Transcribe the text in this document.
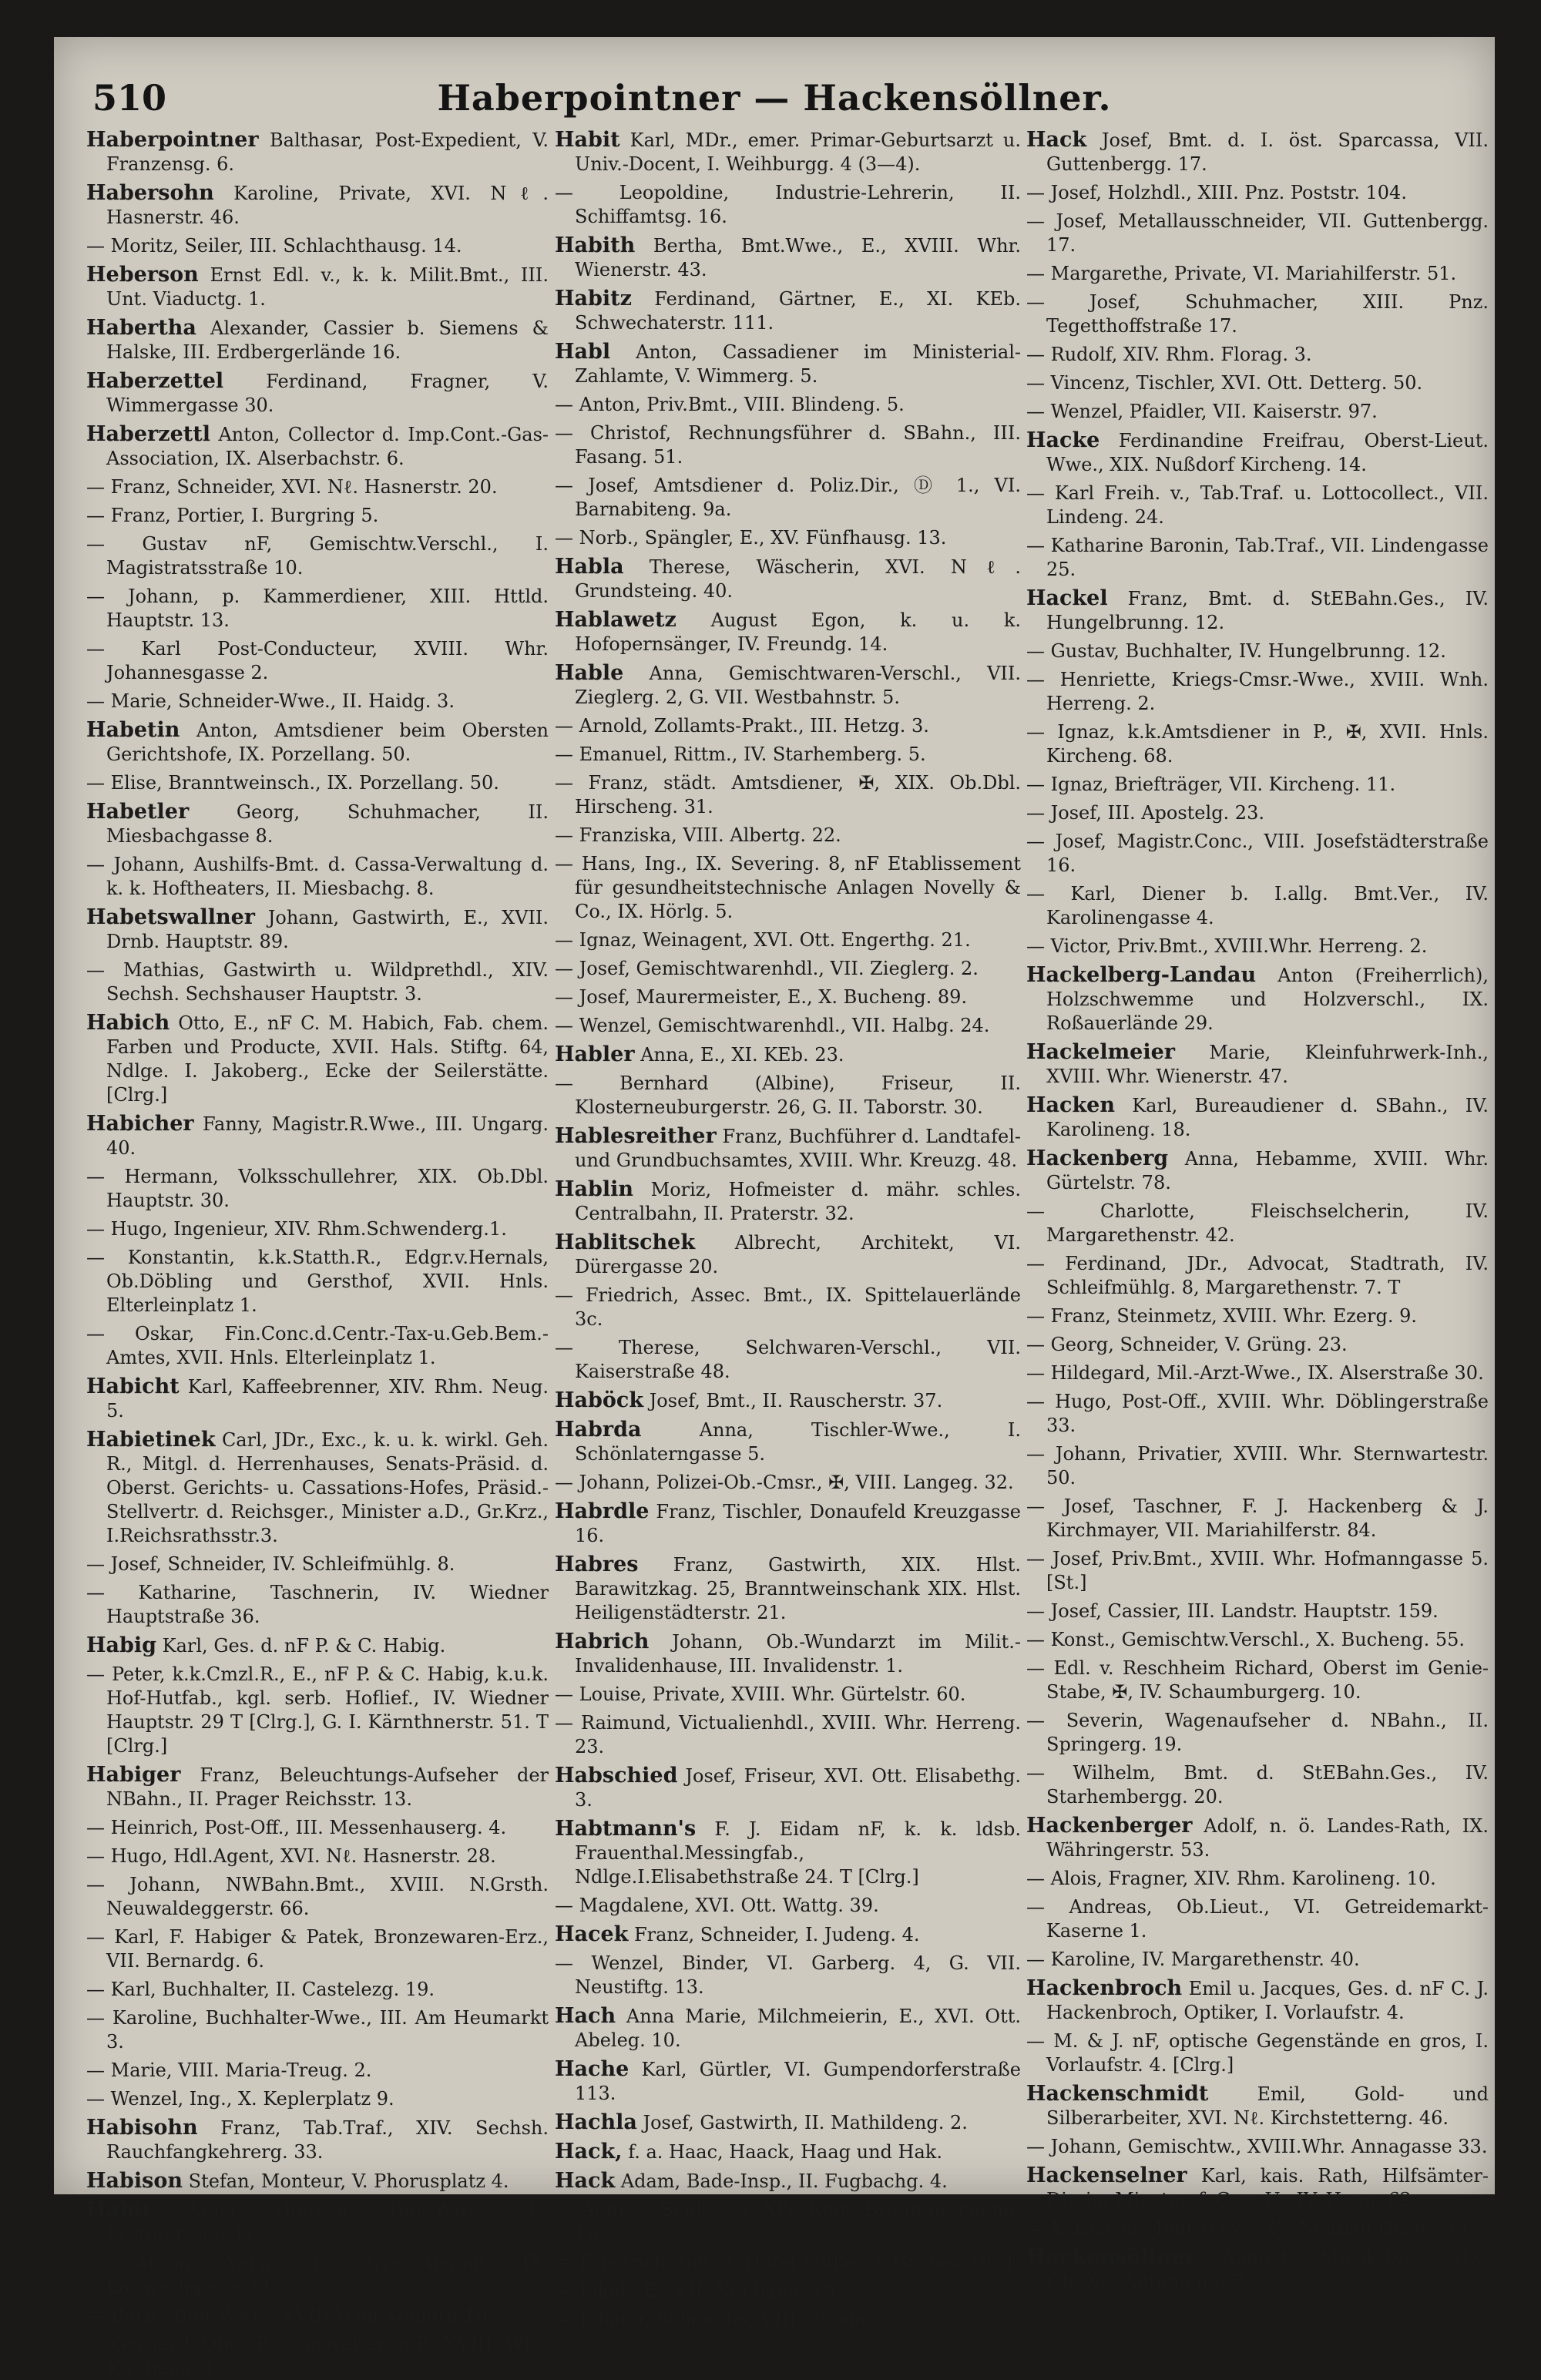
Haberpointner — Hackensöllner.
510
Haberpointner Balthasar, Post-Expedient, V. Franzensg. 6.
Habersohn Karoline, Private, XVI. Nℓ. Hasnerstr. 46.
— Moritz, Seiler, III. Schlachthausg. 14.
Heberson Ernst Edl. v., k. k. Milit.Bmt., III. Unt. Viaductg. 1.
Habertha Alexander, Cassier b. Siemens & Halske, III. Erdbergerlände 16.
Haberzettel Ferdinand, Fragner, V. Wimmergasse 30.
Haberzettl Anton, Collector d. Imp.Cont.-Gas-Association, IX. Alserbachstr. 6.
— Franz, Schneider, XVI. Nℓ. Hasnerstr. 20.
— Franz, Portier, I. Burgring 5.
— Gustav nF, Gemischtw.Verschl., I. Magistratsstraße 10.
— Johann, p. Kammerdiener, XIII. Httld. Hauptstr. 13.
— Karl Post-Conducteur, XVIII. Whr. Johannesgasse 2.
— Marie, Schneider-Wwe., II. Haidg. 3.
Habetin Anton, Amtsdiener beim Obersten Gerichtshofe, IX. Porzellang. 50.
— Elise, Branntweinsch., IX. Porzellang. 50.
Habetler	Georg, Schuhmacher, II. Miesbachgasse 8.
— Johann, Aushilfs-Bmt. d. Cassa-Verwaltung d. k. k. Hoftheaters, II. Miesbachg. 8.
Habetswallner Johann, Gastwirth, E., XVII. Drnb. Hauptstr. 89.
— Mathias, Gastwirth u. Wildprethdl., XIV. Sechsh. Sechshauser Hauptstr. 3.
Habich Otto, E., nF C. M. Habich, Fab. chem. Farben und Producte, XVII. Hals. Stiftg. 64, Ndlge. I. Jakoberg., Ecke der Seilerstätte. [Clrg.]
Habicher Fanny, Magistr.R.Wwe., III. Ungarg. 40.
— Hermann, Volksschullehrer, XIX. Ob.Dbl. Hauptstr. 30.
— Hugo, Ingenieur, XIV. Rhm.Schwenderg.1.
— Konstantin, k.k.Statth.R., Edgr.v.Hernals, Ob.Döbling und Gersthof, XVII. Hnls. Elterleinplatz 1.
— Oskar, Fin.Conc.d.Centr.-Tax-u.Geb.Bem.-Amtes, XVII. Hnls. Elterleinplatz 1.
Habicht Karl, Kaffeebrenner, XIV. Rhm. Neug. 5.
Habietinek Carl, JDr., Exc., k. u. k. wirkl. Geh. R., Mitgl. d. Herrenhauses, Senats-Präsid. d. Oberst. Gerichts- u. Cassations-Hofes, Präsid.-Stellvertr. d. Reichsger., Minister a.D., Gr.Krz., I.Reichsrathsstr.3.
— Josef, Schneider, IV. Schleifmühlg. 8.
— Katharine, Taschnerin, IV. Wiedner Hauptstraße 36.
Habig Karl, Ges. d. nF P. & C. Habig.
— Peter, k.k.Cmzl.R., E., nF P. & C. Habig, k.u.k. Hof-Hutfab., kgl. serb. Hoflief., IV. Wiedner Hauptstr. 29 T [Clrg.], G. I. Kärnthnerstr. 51. T [Clrg.]
Habiger Franz, Beleuchtungs-Aufseher der NBahn., II. Prager Reichsstr. 13.
— Heinrich, Post-Off., III. Messenhauserg. 4.
— Hugo, Hdl.Agent, XVI. Nℓ. Hasnerstr. 28.
— Johann, NWBahn.Bmt., XVIII. N.Grsth. Neuwaldeggerstr. 66.
— Karl, F. Habiger & Patek, Bronzewaren-Erz., VII. Bernardg. 6.
— Karl, Buchhalter, II. Castelezg. 19.
— Karoline, Buchhalter-Wwe., III. Am Heumarkt 3.
— Marie, VIII. Maria-Treug. 2.
— Wenzel, Ing., X. Keplerplatz 9.
Habisohn Franz, Tab.Traf., XIV. Sechsh. Rauchfangkehrerg. 33.
Habison Stefan, Monteur, V. Phorusplatz 4.
Habit Anna Therese, Bmt.Wwe., II. Praterstraße 41.
— Anton, Verw. d. LIrren-Anstalt, IX. Lazarethgasse 14.
— Barb., Bmt.Wwe., XVIII.Wnh.Köhlerg.10.
— Gerhard, Ober-Postverwalter in P., XVIII. Whr. Kircheng. 1.
Habit Karl, MDr., emer. Primar-Geburtsarzt u. Univ.-Docent, I. Weihburgg. 4 (3—4).
— Leopoldine, Industrie-Lehrerin, II. Schiffamtsg. 16.
Habith Bertha, Bmt.Wwe., E., XVIII. Whr. Wienerstr. 43.
Habitz Ferdinand, Gärtner, E., XI. KEb. Schwechaterstr. 111.
Habl Anton, Cassadiener im Ministerial-Zahlamte, V. Wimmerg. 5.
— Anton, Priv.Bmt., VIII. Blindeng. 5.
— Christof, Rechnungsführer d. SBahn., III. Fasang. 51.
— Josef, Amtsdiener d. Poliz.Dir., Ⓓ 1., VI. Barnabiteng. 9a.
— Norb., Spängler, E., XV. Fünfhausg. 13.
Habla Therese, Wäscherin, XVI. Nℓ. Grundsteing. 40.
Hablawetz August Egon, k. u. k. Hofopernsänger, IV. Freundg. 14.
Hable Anna, Gemischtwaren-Verschl., VII. Zieglerg. 2, G. VII. Westbahnstr. 5.
— Arnold, Zollamts-Prakt., III. Hetzg. 3.
— Emanuel, Rittm., IV. Starhemberg. 5.
— Franz, städt. Amtsdiener, ✠, XIX. Ob.Dbl. Hirscheng. 31.
— Franziska, VIII. Albertg. 22.
— Hans, Ing., IX. Severing. 8, nF Etablissement für gesundheitstechnische Anlagen Novelly & Co., IX. Hörlg. 5.
— Ignaz, Weinagent, XVI. Ott. Engerthg. 21.
— Josef, Gemischtwarenhdl., VII. Zieglerg. 2.
— Josef, Maurermeister, E., X. Bucheng. 89.
— Wenzel, Gemischtwarenhdl., VII. Halbg. 24.
Habler Anna, E., XI. KEb. 23.
— Bernhard (Albine), Friseur, II. Klosterneuburgerstr. 26, G. II. Taborstr. 30.
Hablesreither Franz, Buchführer d. Landtafel- und Grundbuchsamtes, XVIII. Whr. Kreuzg. 48.
Hablin Moriz, Hofmeister d. mähr. schles. Centralbahn, II. Praterstr. 32.
Hablitschek Albrecht, Architekt, VI. Dürergasse 20.
— Friedrich, Assec. Bmt., IX. Spittelauerlände 3c.
— Therese, Selchwaren-Verschl., VII. Kaiserstraße 48.
Haböck Josef, Bmt., II. Rauscherstr. 37.
Habrda	Anna, Tischler-Wwe., I. Schönlaterngasse 5.
— Johann, Polizei-Ob.-Cmsr., ✠, VIII. Langeg. 32.
Habrdle Franz, Tischler, Donaufeld Kreuzgasse 16.
Habres Franz, Gastwirth, XIX. Hlst. Barawitzkag. 25, Branntweinschank XIX. Hlst. Heiligenstädterstr. 21.
Habrich Johann, Ob.-Wundarzt im Milit.-Invalidenhause, III. Invalidenstr. 1.
— Louise, Private, XVIII. Whr. Gürtelstr. 60.
— Raimund, Victualienhdl., XVIII. Whr. Herreng. 23.
Habschied Josef, Friseur, XVI. Ott. Elisabethg. 3.
Habtmann's F. J. Eidam nF, k. k. ldsb. Frauenthal.Messingfab., Ndlge.I.Elisabethstraße 24. T [Clrg.]
— Magdalene, XVI. Ott. Wattg. 39.
Hacek Franz, Schneider, I. Judeng. 4.
— Wenzel, Binder, VI. Garberg. 4, G. VII. Neustiftg. 13.
Hach Anna Marie, Milchmeierin, E., XVI. Ott. Abeleg. 10.
Hache Karl, Gürtler, VI. Gumpendorferstraße 113.
Hachla Josef, Gastwirth, II. Mathildeng. 2.
Hack, f. a. Haac, Haack, Haag und Hak.
Hack Adam, Bade-Insp., II. Fugbachg. 4.
— August, Schlosser, XIV. Rhm. Braunhirscheng. 16.
— Friedrich, Inh. d. Hotel Müller, I. Graben 19. T
— Jakob, E., VII. Neubaug. 18.
— Johann, Schneider, VIII. Skodag. 5.
Hack Josef, Bmt. d. I. öst. Sparcassa, VII. Guttenbergg. 17.
— Josef, Holzhdl., XIII. Pnz. Poststr. 104.
— Josef, Metallausschneider, VII. Guttenbergg. 17.
— Margarethe, Private, VI. Mariahilferstr. 51.
— Josef, Schuhmacher, XIII. Pnz. Tegetthoffstraße 17.
— Rudolf, XIV. Rhm. Florag. 3.
— Vincenz, Tischler, XVI. Ott. Detterg. 50.
— Wenzel, Pfaidler, VII. Kaiserstr. 97.
Hacke Ferdinandine Freifrau, Oberst-Lieut. Wwe., XIX. Nußdorf Kircheng. 14.
— Karl Freih. v., Tab.Traf. u. Lottocollect., VII. Lindeng. 24.
— Katharine Baronin, Tab.Traf., VII. Lindengasse 25.
Hackel Franz, Bmt. d. StEBahn.Ges., IV. Hungelbrunng. 12.
— Gustav, Buchhalter, IV. Hungelbrunng. 12.
— Henriette, Kriegs-Cmsr.-Wwe., XVIII. Wnh. Herreng. 2.
— Ignaz, k.k.Amtsdiener in P., ✠, XVII. Hnls. Kircheng. 68.
— Ignaz, Briefträger, VII. Kircheng. 11.
— Josef, III. Apostelg. 23.
— Josef, Magistr.Conc., VIII. Josefstädterstraße 16.
— Karl, Diener b. I.allg. Bmt.Ver., IV. Karolinengasse 4.
— Victor, Priv.Bmt., XVIII.Whr. Herreng. 2.
Hackelberg-Landau Anton (Freiherrlich), Holzschwemme und Holzverschl., IX. Roßauerlände 29.
Hackelmeier Marie, Kleinfuhrwerk-Inh., XVIII. Whr. Wienerstr. 47.
Hacken Karl, Bureaudiener d. SBahn., IV. Karolineng. 18.
Hackenberg Anna, Hebamme, XVIII. Whr. Gürtelstr. 78.
— Charlotte, Fleischselcherin, IV. Margarethenstr. 42.
— Ferdinand, JDr., Advocat, Stadtrath, IV. Schleifmühlg. 8, Margarethenstr. 7. T
— Franz, Steinmetz, XVIII. Whr. Ezerg. 9.
— Georg, Schneider, V. Grüng. 23.
— Hildegard, Mil.-Arzt-Wwe., IX. Alserstraße 30.
— Hugo, Post-Off., XVIII. Whr. Döblingerstraße 33.
— Johann, Privatier, XVIII. Whr. Sternwartestr. 50.
— Josef, Taschner, F. J. Hackenberg & J. Kirchmayer, VII. Mariahilferstr. 84.
— Josef, Priv.Bmt., XVIII. Whr. Hofmanngasse 5. [St.]
— Josef, Cassier, III. Landstr. Hauptstr. 159.
— Konst., Gemischtw.Verschl., X. Bucheng. 55.
— Edl. v. Reschheim Richard, Oberst im Genie-Stabe, ✠, IV. Schaumburgerg. 10.
— Severin, Wagenaufseher d. NBahn., II. Springerg. 19.
— Wilhelm, Bmt. d. StEBahn.Ges., IV. Starhembergg. 20.
Hackenberger Adolf, n. ö. Landes-Rath, IX. Währingerstr. 53.
— Alois, Fragner, XIV. Rhm. Karolineng. 10.
— Andreas, Ob.Lieut., VI. Getreidemarkt-Kaserne 1.
— Karoline, IV. Margarethenstr. 40.
Hackenbroch Emil u. Jacques, Ges. d. nF C. J. Hackenbroch, Optiker, I. Vorlaufstr. 4.
— M. & J. nF, optische Gegenstände en gros, I. Vorlaufstr. 4. [Clrg.]
Hackenschmidt	Emil, Gold- und Silberarbeiter, XVI. Nℓ. Kirchstetterng. 46.
— Johann, Gemischtw., XVIII.Whr. Annagasse 33.
Hackenselner Karl, kais. Rath, Hilfsämter-Dir. im Minstm. f. C. u. U., IV. Heug. 62.
— Katharine, Bmt.Wwe., XV. Neubau-Gürtel 39.
Hackensöllner August, Musik-Dir., XIX. Ob.Dbl. Antonieng. 7.
